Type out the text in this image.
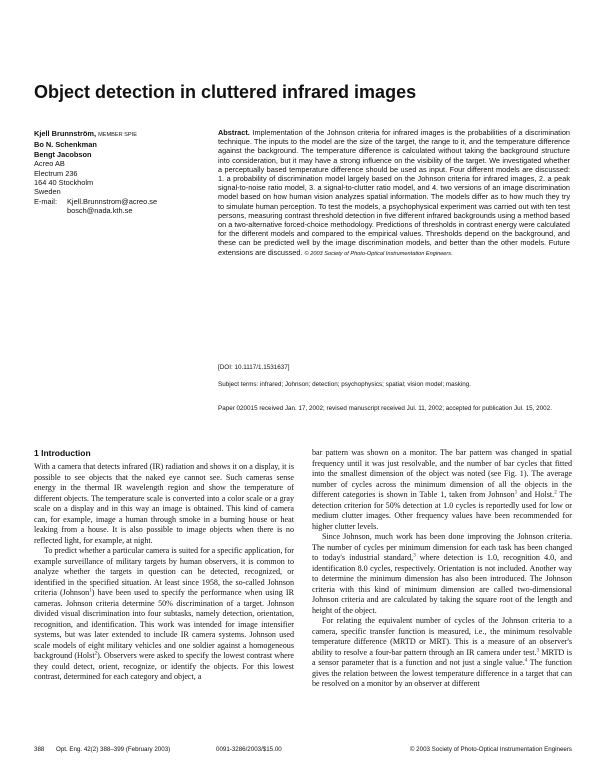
Object detection in cluttered infrared images
Kjell Brunnström, MEMBER SPIE
Bo N. Schenkman
Bengt Jacobson
Acreo AB
Electrum 236
164 40 Stockholm
Sweden
E-mail:	Kjell.Brunnstrom@acreo.se
bosch@nada.kth.se

Abstract. Implementation of the Johnson criteria for infrared images is the probabilities of a discrimination technique. The inputs to the model are the size of the target, the range to it, and the temperature difference against the background. The temperature difference is calculated without taking the background structure into consideration, but it may have a strong influence on the visibility of the target. We investigated whether a perceptually based temperature difference should be used as input. Four different models are discussed: 1. a probability of discrimination model largely based on the Johnson criteria for infrared images, 2. a peak signal-to-noise ratio model, 3. a signal-to-clutter ratio model, and 4. two versions of an image discrimination model based on how human vision analyzes spatial information. The models differ as to how much they try to simulate human perception. To test the models, a psychophysical experiment was carried out with ten test persons, measuring contrast threshold detection in five different infrared backgrounds using a method based on a two-alternative forced-choice methodology. Predictions of thresholds in contrast energy were calculated for the different models and compared to the empirical values. Thresholds depend on the background, and these can be predicted well by the image discrimination models, and better than the other models. Future extensions are discussed. © 2003 Society of Photo-Optical Instrumentation Engineers.

[DOI: 10.1117/1.1531637]

Subject terms: infrared; Johnson; detection; psychophysics; spatial; vision model; masking.

Paper 020015 received Jan. 17, 2002; revised manuscript received Jul. 11, 2002; accepted for publication Jul. 15, 2002.

1 Introduction

With a camera that detects infrared (IR) radiation and shows it on a display, it is possible to see objects that the naked eye cannot see. Such cameras sense energy in the thermal IR wavelength region and show the temperature of different objects. The temperature scale is converted into a color scale or a gray scale on a display and in this way an image is obtained. This kind of camera can, for example, image a human through smoke in a burning house or heat leaking from a house. It is also possible to image objects when there is no reflected light, for example, at night.

To predict whether a particular camera is suited for a specific application, for example surveillance of military targets by human observers, it is common to analyze whether the targets in question can be detected, recognized, or identified in the specified situation. At least since 1958, the so-called Johnson criteria (Johnson$^1$) have been used to specify the performance when using IR cameras. Johnson criteria determine 50% discrimination of a target. Johnson divided visual discrimination into four subtasks, namely detection, orientation, recognition, and identification. This work was intended for image intensifier systems, but was later extended to include IR camera systems. Johnson used scale models of eight military vehicles and one soldier against a homogeneous background (Holst$^2$). Observers were asked to specify the lowest contrast where they could detect, orient, recognize, or identify the objects. For this lowest contrast, determined for each category and object, a

bar pattern was shown on a monitor. The bar pattern was changed in spatial frequency until it was just resolvable, and the number of bar cycles that fitted into the smallest dimension of the object was noted (see Fig. 1). The average number of cycles across the minimum dimension of all the objects in the different categories is shown in Table 1, taken from Johnson$^1$ and Holst.$^2$ The detection criterion for 50% detection at 1.0 cycles is reportedly used for low or medium clutter images. Other frequency values have been recommended for higher clutter levels.

Since Johnson, much work has been done improving the Johnson criteria. The number of cycles per minimum dimension for each task has been changed to today's industrial standard,$^3$ where detection is 1.0, recognition 4.0, and identification 8.0 cycles, respectively. Orientation is not included. Another way to determine the minimum dimension has also been introduced. The Johnson criteria with this kind of minimum dimension are called two-dimensional Johnson criteria and are calculated by taking the square root of the length and height of the object.

For relating the equivalent number of cycles of the Johnson criteria to a camera, specific transfer function is measured, i.e., the minimum resolvable temperature difference (MRTD or MRT). This is a measure of an observer's ability to resolve a four-bar pattern through an IR camera under test.$^3$ MRTD is a sensor parameter that is a function and not just a single value.$^4$ The function gives the relation between the lowest temperature difference in a target that can be resolved on a monitor by an observer at different

388	Opt. Eng. 42(2) 388–399 (February 2003)	0091-3286/2003/$15.00	© 2003 Society of Photo-Optical Instrumentation Engineers
